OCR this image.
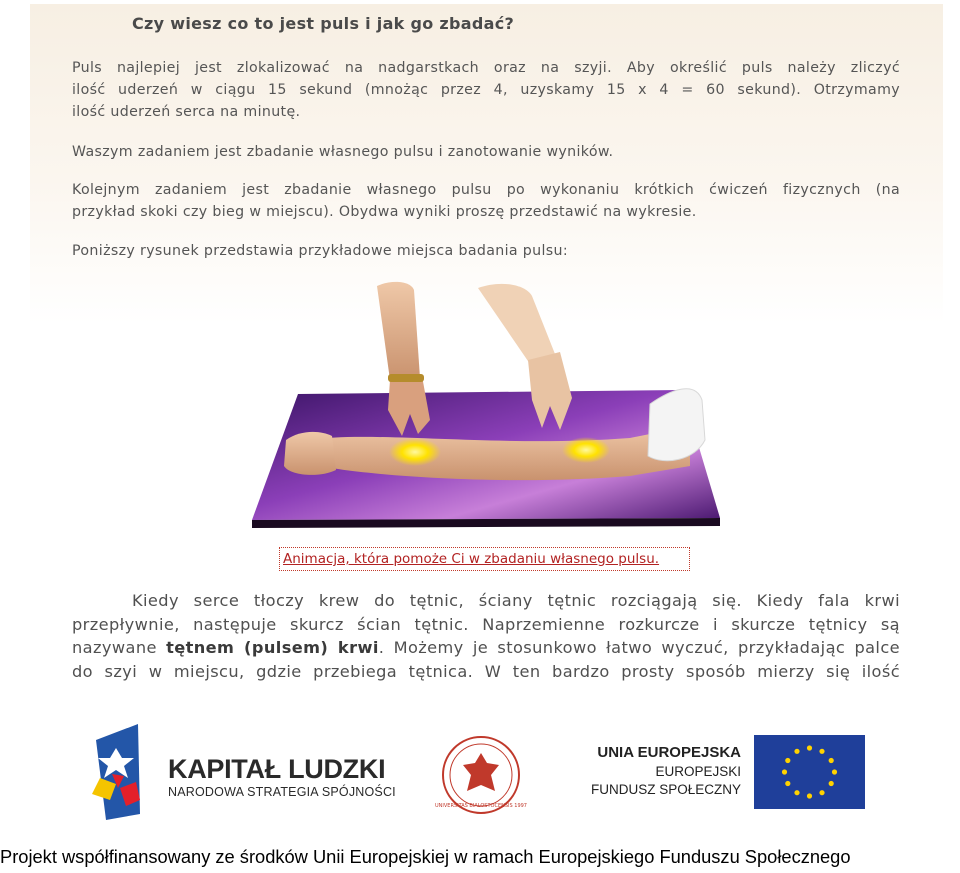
Czy wiesz co to jest puls i jak go zbadać?
Puls najlepiej jest zlokalizować na nadgarstkach oraz na szyji. Aby określić puls należy zliczyć
ilość uderzeń w ciągu 15 sekund (mnożąc przez 4, uzyskamy 15 x 4 = 60 sekund). Otrzymamy
ilość uderzeń serca na minutę.
Waszym zadaniem jest zbadanie własnego pulsu i zanotowanie wyników.
Kolejnym zadaniem jest zbadanie własnego pulsu po wykonaniu krótkich ćwiczeń fizycznych (na
przykład skoki czy bieg w miejscu). Obydwa wyniki proszę przedstawić na wykresie.
Poniższy rysunek przedstawia przykładowe miejsca badania pulsu:
Animacja, która pomoże Ci w zbadaniu własnego pulsu.
Kiedy serce tłoczy krew do tętnic, ściany tętnic rozciągają się. Kiedy fala krwi
przepływnie, następuje skurcz ścian tętnic. Naprzemienne rozkurcze i skurcze tętnicy są
nazywane tętnem (pulsem) krwi. Możemy je stosunkowo łatwo wyczuć, przykładając palce
do szyi w miejscu, gdzie przebiega tętnica. W ten bardzo prosty sposób mierzy się ilość
KAPITAŁ LUDZKI
NARODOWA STRATEGIA SPÓJNOŚCI
UNIVERSITAS BIALOSTOCENSIS 1997
UNIA EUROPEJSKA
EUROPEJSKI
FUNDUSZ SPOŁECZNY
Projekt współfinansowany ze środków Unii Europejskiej w ramach Europejskiego Funduszu Społecznego
